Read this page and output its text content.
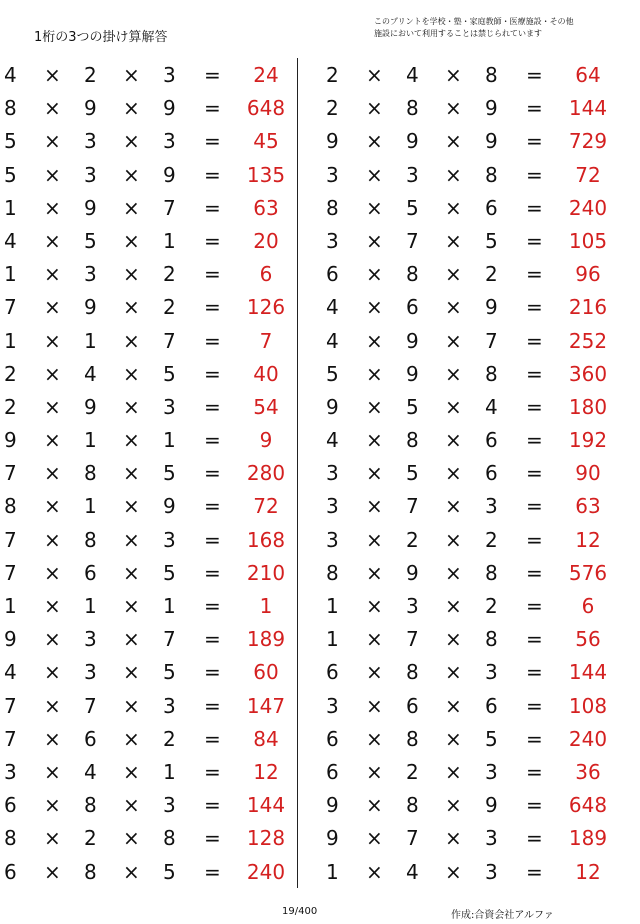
1桁の3つの掛け算解答
このプリントを学校・塾・家庭教師・医療施設・その他
施設において利用することは禁じられています
4 × 2 × 3 =	24
8 × 9 × 9 =	648
5 × 3 × 3 =	45
5 × 3 × 9 =	135
1 × 9 × 7 =	63
4 × 5 × 1 =	20
1 × 3 × 2 =	6
7 × 9 × 2 =	126
1 × 1 × 7 =	7
2 × 4 × 5 =	40
2 × 9 × 3 =	54
9 × 1 × 1 =	9
7 × 8 × 5 =	280
8 × 1 × 9 =	72
7 × 8 × 3 =	168
7 × 6 × 5 =	210
1 × 1 × 1 =	1
9 × 3 × 7 =	189
4 × 3 × 5 =	60
7 × 7 × 3 =	147
7 × 6 × 2 =	84
3 × 4 × 1 =	12
6 × 8 × 3 =	144
8 × 2 × 8 =	128
6 × 8 × 5 =	240
2 × 4 × 8 =	64
2 × 8 × 9 =	144
9 × 9 × 9 =	729
3 × 3 × 8 =	72
8 × 5 × 6 =	240
3 × 7 × 5 =	105
6 × 8 × 2 =	96
4 × 6 × 9 =	216
4 × 9 × 7 =	252
5 × 9 × 8 =	360
9 × 5 × 4 =	180
4 × 8 × 6 =	192
3 × 5 × 6 =	90
3 × 7 × 3 =	63
3 × 2 × 2 =	12
8 × 9 × 8 =	576
1 × 3 × 2 =	6
1 × 7 × 8 =	56
6 × 8 × 3 =	144
3 × 6 × 6 =	108
6 × 8 × 5 =	240
6 × 2 × 3 =	36
9 × 8 × 9 =	648
9 × 7 × 3 =	189
1 × 4 × 3 =	12
19/400	作成:合資会社アルファ
